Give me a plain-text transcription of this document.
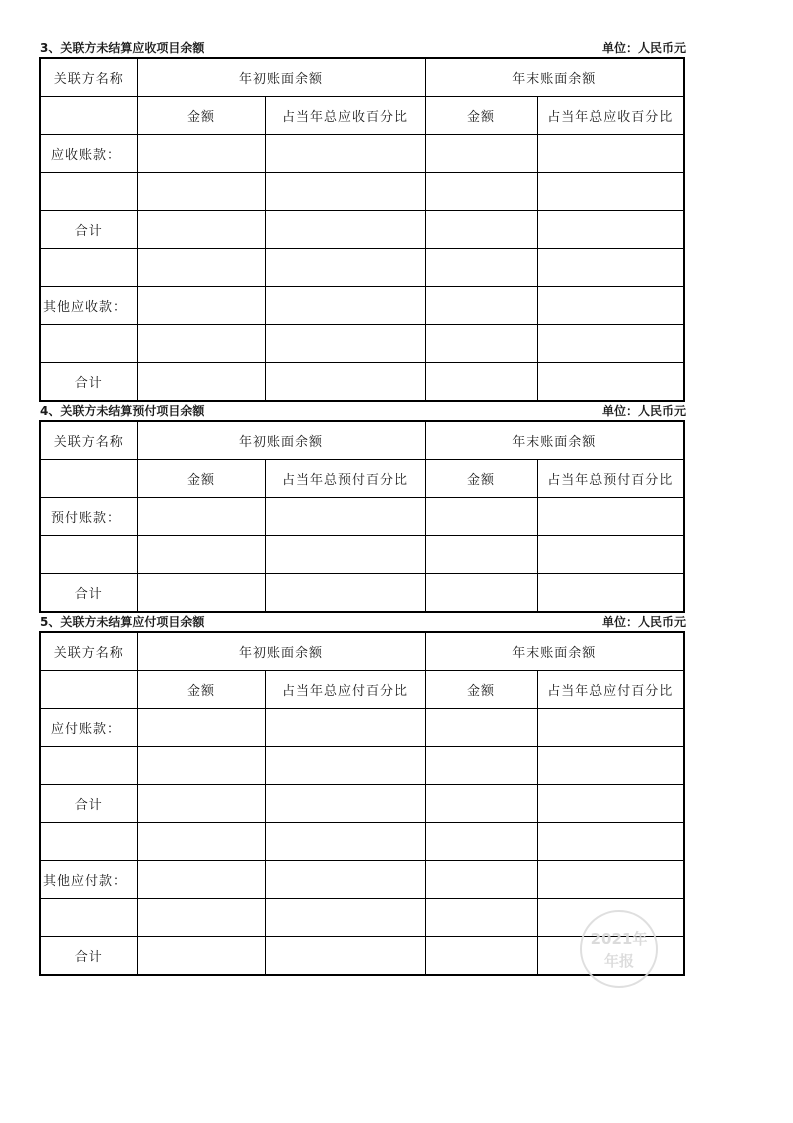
3、关联方未结算应收项目余额	单位：人民币元
关联方名称	年初账面余额		年末账面余额	
	金额	占当年总应收百分比	金额	占当年总应收百分比
应收账款：				

合计				

其他应收款：				

合计				
4、关联方未结算预付项目余额	单位：人民币元
关联方名称	年初账面余额		年末账面余额	
	金额	占当年总预付百分比	金额	占当年总预付百分比
预付账款：				

合计				
5、关联方未结算应付项目余额	单位：人民币元
关联方名称	年初账面余额		年末账面余额	
	金额	占当年总应付百分比	金额	占当年总应付百分比
应付账款：				

合计				

其他应付款：				

合计				
2021年
年报
